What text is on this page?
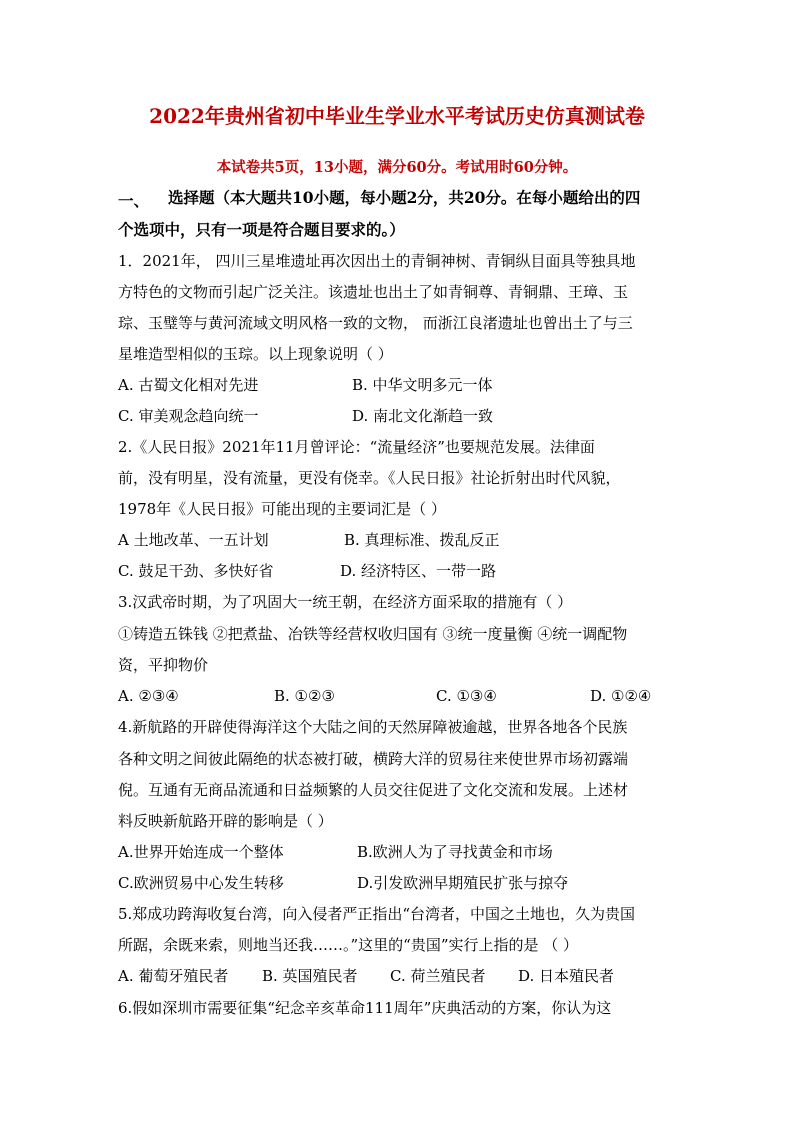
2022年贵州省初中毕业生学业水平考试历史仿真测试卷
本试卷共5页，13小题，满分60分。考试用时60分钟。
一、 选择题（本大题共10小题，每小题2分，共20分。在每小题给出的四
个选项中，只有一项是符合题目要求的。）
1．2021年， 四川三星堆遗址再次因出土的青铜神树、青铜纵目面具等独具地
方特色的文物而引起广泛关注。该遗址也出土了如青铜尊、青铜鼎、王璋、玉
琮、玉璧等与黄河流域文明风格一致的文物， 而浙江良渚遗址也曾出土了与三
星堆造型相似的玉琮。以上现象说明（ ）
A. 古蜀文化相对先进	B. 中华文明多元一体
C. 审美观念趋向统一	D. 南北文化渐趋一致
2.《人民日报》2021年11月曾评论：“流量经济”也要规范发展。法律面
前，没有明星，没有流量，更没有侥幸。《人民日报》社论折射出时代风貌，
1978年《人民日报》可能出现的主要词汇是（ ）
A 土地改革、一五计划	B. 真理标准、拨乱反正
C. 鼓足干劲、多快好省	D. 经济特区、一带一路
3.汉武帝时期，为了巩固大一统王朝，在经济方面采取的措施有（ ）
①铸造五铢钱 ②把煮盐、冶铁等经营权收归国有 ③统一度量衡 ④统一调配物
资，平抑物价
A. ②③④	B. ①②③	C. ①③④	D. ①②④
4.新航路的开辟使得海洋这个大陆之间的天然屏障被逾越，世界各地各个民族
各种文明之间彼此隔绝的状态被打破，横跨大洋的贸易往来使世界市场初露端
倪。互通有无商品流通和日益频繁的人员交往促进了文化交流和发展。上述材
料反映新航路开辟的影响是（ ）
A.世界开始连成一个整体	B.欧洲人为了寻找黄金和市场
C.欧洲贸易中心发生转移	D.引发欧洲早期殖民扩张与掠夺
5.郑成功跨海收复台湾，向入侵者严正指出“台湾者，中国之土地也，久为贵国
所踞，余既来索，则地当还我……。”这里的“贵国”实行上指的是 （ ）
A. 葡萄牙殖民者 B. 英国殖民者 C. 荷兰殖民者 D. 日本殖民者
6.假如深圳市需要征集“纪念辛亥革命111周年”庆典活动的方案，你认为这
